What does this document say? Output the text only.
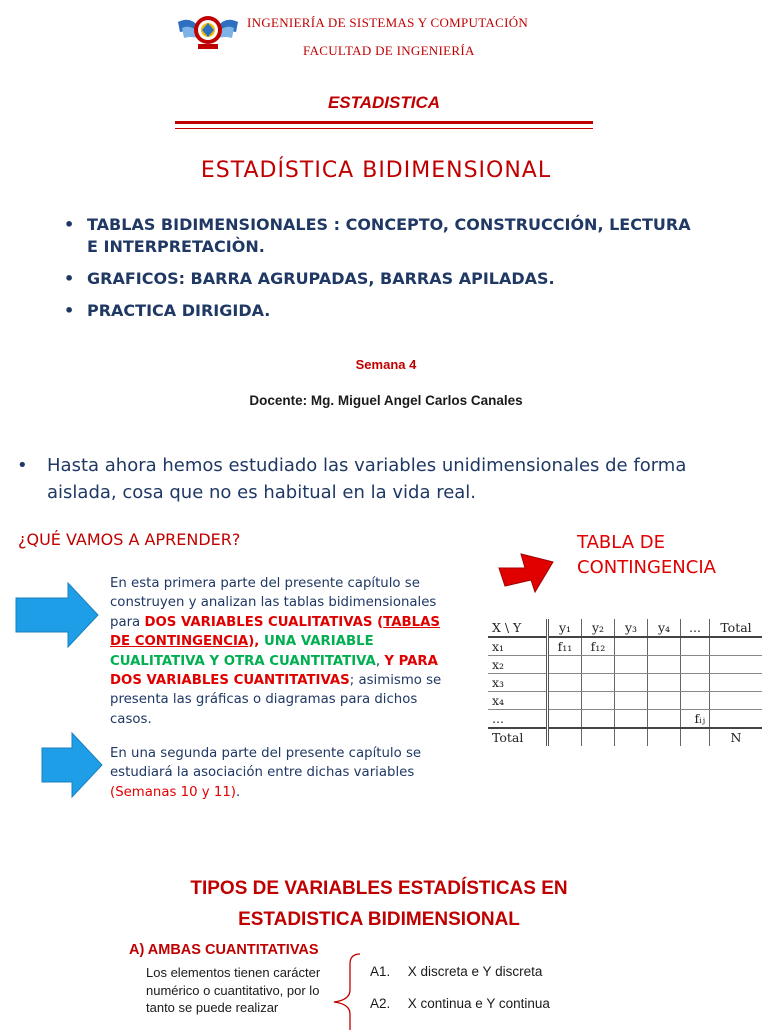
INGENIERÍA DE SISTEMAS Y COMPUTACIÓN
FACULTAD DE INGENIERÍA
ESTADISTICA
ESTADÍSTICA BIDIMENSIONAL
• TABLAS BIDIMENSIONALES : CONCEPTO, CONSTRUCCIÓN, LECTURA E INTERPRETACIÒN.
• GRAFICOS: BARRA AGRUPADAS, BARRAS APILADAS.
• PRACTICA DIRIGIDA.
Semana 4
Docente: Mg. Miguel Angel Carlos Canales
•	Hasta ahora hemos estudiado las variables unidimensionales de forma aislada, cosa que no es habitual en la vida real.
¿QUÉ VAMOS A APRENDER?
En esta primera parte del presente capítulo se construyen y analizan las tablas bidimensionales para DOS VARIABLES CUALITATIVAS (TABLAS DE CONTINGENCIA), UNA VARIABLE CUALITATIVA Y OTRA CUANTITATIVA, Y PARA DOS VARIABLES CUANTITATIVAS; asimismo se presenta las gráficas o diagramas para dichos casos.
En una segunda parte del presente capítulo se estudiará la asociación entre dichas variables (Semanas 10 y 11).
TABLA DE CONTINGENCIA
X \ Y	y₁	y₂	y₃	y₄	...	Total
x₁	f₁₁	f₁₂				
x₂						
x₃						
x₄						
...					fᵢⱼ	
Total						N
TIPOS DE VARIABLES ESTADÍSTICAS EN
ESTADISTICA BIDIMENSIONAL
A) AMBAS CUANTITATIVAS
Los elementos tienen carácter numérico o cuantitativo, por lo tanto se puede realizar
A1. X discreta e Y discreta
A2. X continua e Y continua
